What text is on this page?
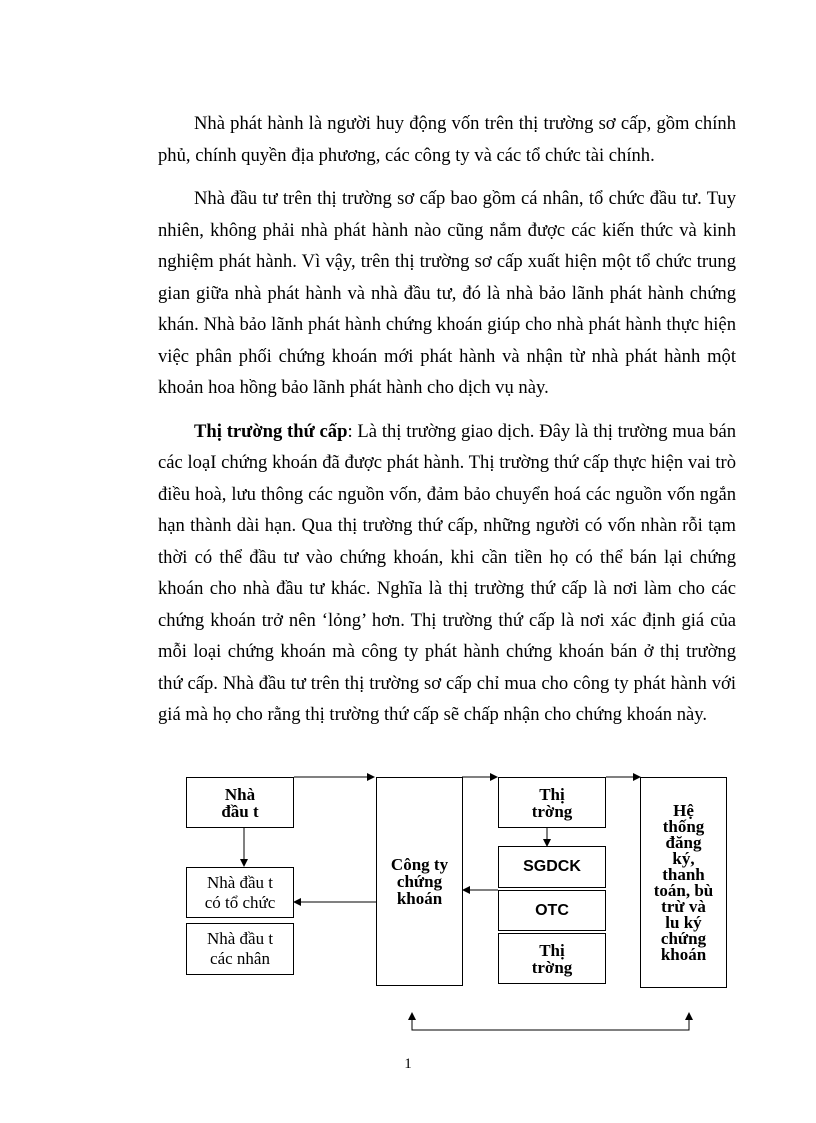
Nhà phát hành là người huy động vốn trên thị trường sơ cấp, gồm chính phủ, chính quyền địa phương, các công ty và các tổ chức tài chính.

Nhà đầu tư trên thị trường sơ cấp bao gồm cá nhân, tổ chức đầu tư. Tuy nhiên, không phải nhà phát hành nào cũng nắm được các kiến thức và kinh nghiệm phát hành. Vì vậy, trên thị trường sơ cấp xuất hiện một tổ chức trung gian giữa nhà phát hành và nhà đầu tư, đó là nhà bảo lãnh phát hành chứng khán. Nhà bảo lãnh phát hành chứng khoán giúp cho nhà phát hành thực hiện việc phân phối chứng khoán mới phát hành và nhận từ nhà phát hành một khoản hoa hồng bảo lãnh phát hành cho dịch vụ này.

Thị trường thứ cấp: Là thị trường giao dịch. Đây là thị trường mua bán các loạI chứng khoán đã được phát hành. Thị trường thứ cấp thực hiện vai trò điều hoà, lưu thông các nguồn vốn, đảm bảo chuyển hoá các nguồn vốn ngắn hạn thành dài hạn. Qua thị trường thứ cấp, những người có vốn nhàn rỗi tạm thời có thể đầu tư vào chứng khoán, khi cần tiền họ có thể bán lại chứng khoán cho nhà đầu tư khác. Nghĩa là thị trường thứ cấp là nơi làm cho các chứng khoán trở nên ‘lỏng’ hơn. Thị trường thứ cấp là nơi xác định giá của mỗi loại chứng khoán mà công ty phát hành chứng khoán bán ở thị trường thứ cấp. Nhà đầu tư trên thị trường sơ cấp chỉ mua cho công ty phát hành với giá mà họ cho rằng thị trường thứ cấp sẽ chấp nhận cho chứng khoán này.

Nhà
đầu t
Nhà đầu t
có tổ chức
Nhà đầu t
các nhân
Công ty
chứng
khoán
Thị
trờng
SGDCK
OTC
Thị
trờng
Hệ
thống
đăng
ký,
thanh
toán, bù
trừ và
lu ký
chứng
khoán
1
